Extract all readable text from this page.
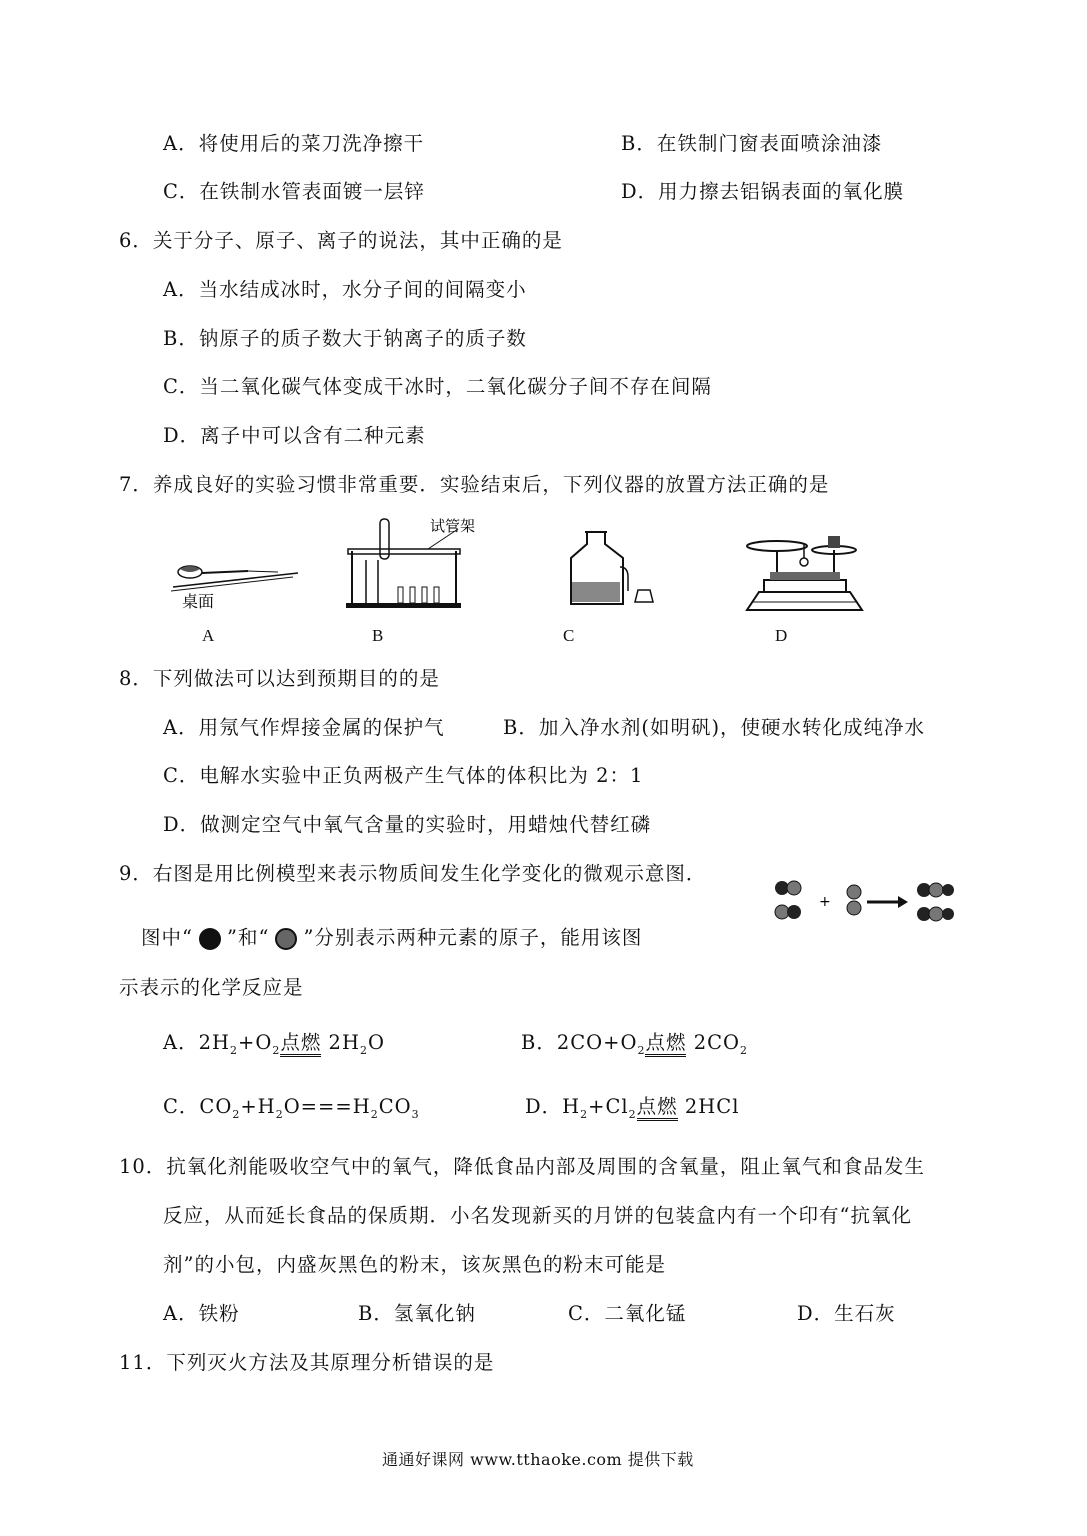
A．将使用后的菜刀洗净擦干	B．在铁制门窗表面喷涂油漆
C．在铁制水管表面镀一层锌	D．用力擦去铝锅表面的氧化膜
6．关于分子、原子、离子的说法，其中正确的是
A．当水结成冰时，水分子间的间隔变小
B．钠原子的质子数大于钠离子的质子数
C．当二氧化碳气体变成干冰时，二氧化碳分子间不存在间隔
D．离子中可以含有二种元素
7．养成良好的实验习惯非常重要．实验结束后，下列仪器的放置方法正确的是
桌面
试管架
A	B	C	D
8．下列做法可以达到预期目的的是
A．用氖气作焊接金属的保护气	B．加入净水剂(如明矾)，使硬水转化成纯净水
C．电解水实验中正负两极产生气体的体积比为 2：1
D．做测定空气中氧气含量的实验时，用蜡烛代替红磷
9．右图是用比例模型来表示物质间发生化学变化的微观示意图．
+
图中“ ”和“ ”分别表示两种元素的原子，能用该图
示表示的化学反应是
A．$2H_2+O_2$点燃 $2H_2O$	B．$2CO+O_2$点燃 $2CO_2$
C．$CO_2+H_2O===H_2CO_3$	D．$H_2+Cl_2$点燃 2HCl
10．抗氧化剂能吸收空气中的氧气，降低食品内部及周围的含氧量，阻止氧气和食品发生
反应，从而延长食品的保质期．小名发现新买的月饼的包装盒内有一个印有“抗氧化
剂”的小包，内盛灰黑色的粉末，该灰黑色的粉末可能是
A．铁粉	B．氢氧化钠	C．二氧化锰	D．生石灰
11．下列灭火方法及其原理分析错误的是
通通好课网 www.tthaoke.com 提供下载
